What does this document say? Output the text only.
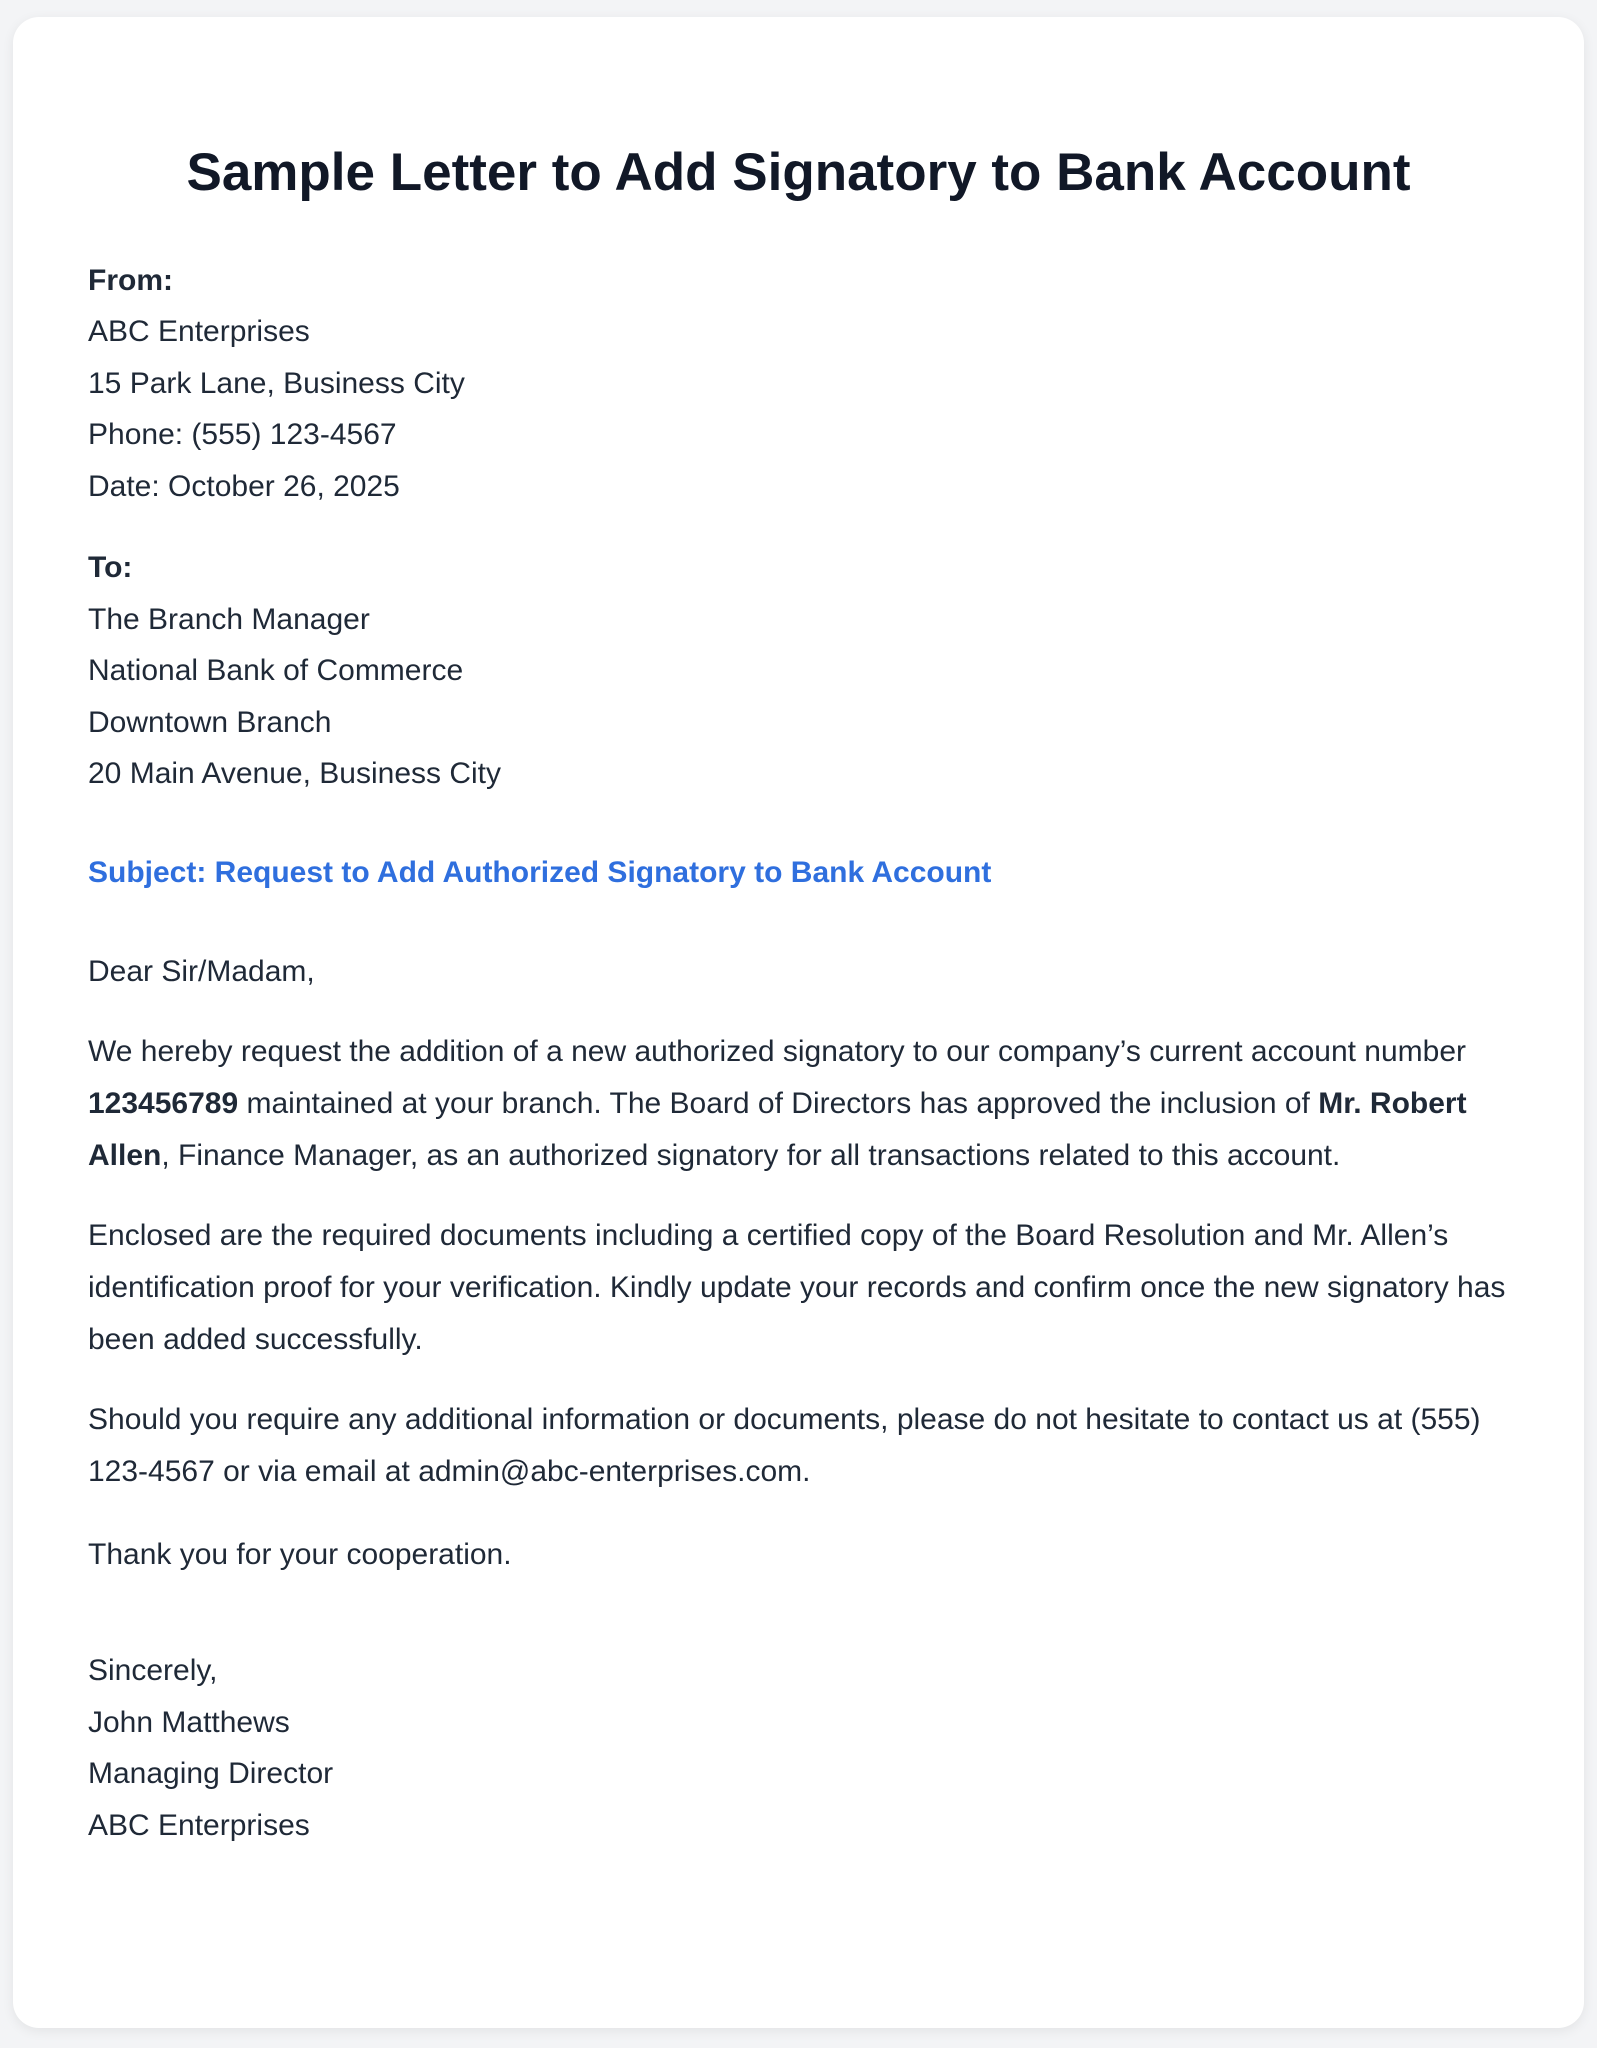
Sample Letter to Add Signatory to Bank Account
From:
ABC Enterprises
15 Park Lane, Business City
Phone: (555) 123-4567
Date: October 26, 2025
To:
The Branch Manager
National Bank of Commerce
Downtown Branch
20 Main Avenue, Business City
Subject: Request to Add Authorized Signatory to Bank Account
Dear Sir/Madam,
We hereby request the addition of a new authorized signatory to our company’s current account number 123456789 maintained at your branch. The Board of Directors has approved the inclusion of Mr. Robert Allen, Finance Manager, as an authorized signatory for all transactions related to this account.
Enclosed are the required documents including a certified copy of the Board Resolution and Mr. Allen’s identification proof for your verification. Kindly update your records and confirm once the new signatory has been added successfully.
Should you require any additional information or documents, please do not hesitate to contact us at (555) 123-4567 or via email at admin@abc-enterprises.com.
Thank you for your cooperation.
Sincerely,
John Matthews
Managing Director
ABC Enterprises
